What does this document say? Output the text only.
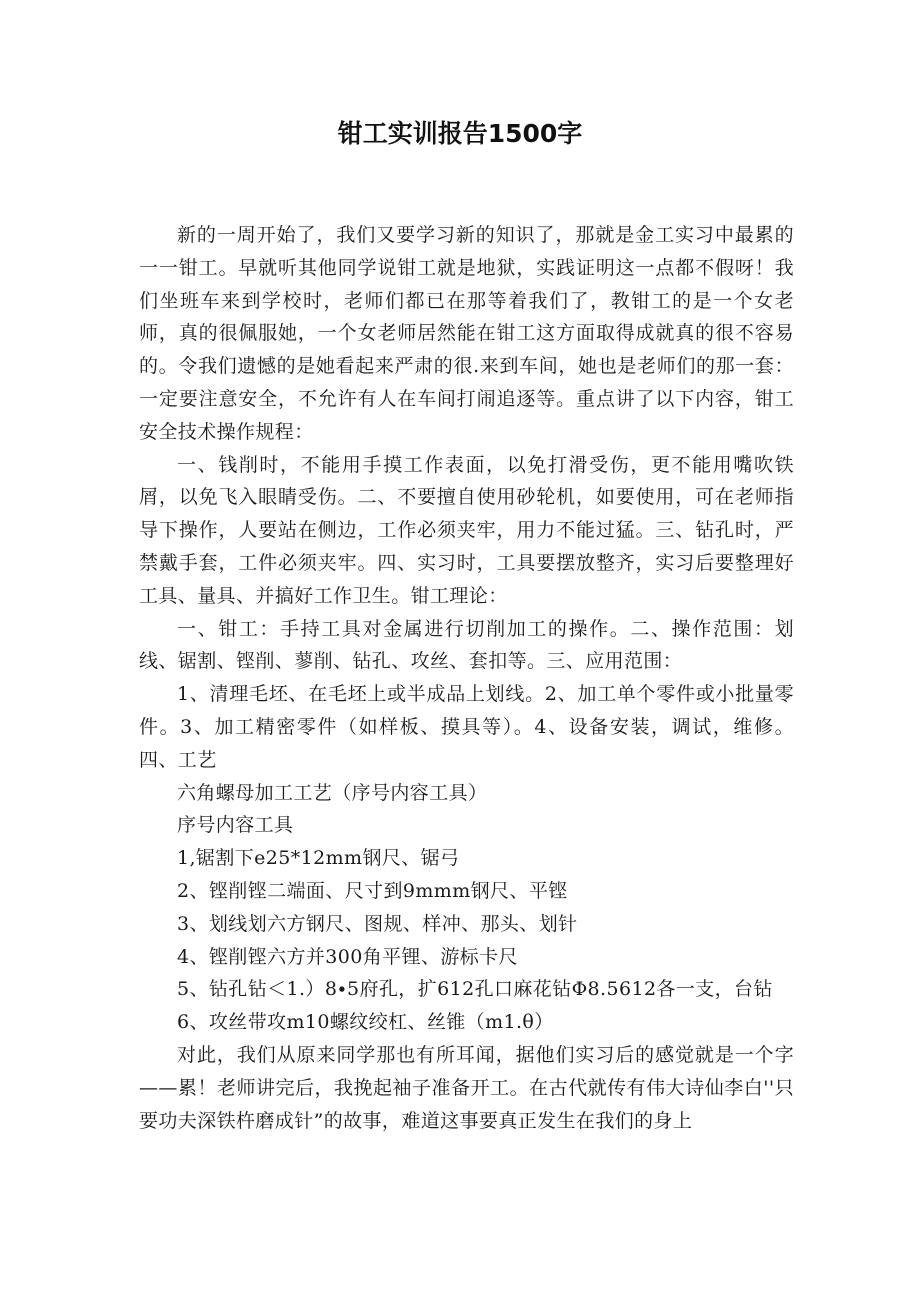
钳工实训报告1500字

新的一周开始了，我们又要学习新的知识了，那就是金工实习中最累的一一钳工。早就听其他同学说钳工就是地狱，实践证明这一点都不假呀！我们坐班车来到学校时，老师们都已在那等着我们了，教钳工的是一个女老师，真的很佩服她，一个女老师居然能在钳工这方面取得成就真的很不容易的。令我们遗憾的是她看起来严肃的很.来到车间，她也是老师们的那一套：一定要注意安全，不允许有人在车间打闹追逐等。重点讲了以下内容，钳工安全技术操作规程：

一、钱削时，不能用手摸工作表面，以免打滑受伤，更不能用嘴吹铁屑，以免飞入眼睛受伤。二、不要擅自使用砂轮机，如要使用，可在老师指导下操作，人要站在侧边，工作必须夹牢，用力不能过猛。三、钻孔时，严禁戴手套，工件必须夹牢。四、实习时，工具要摆放整齐，实习后要整理好工具、量具、并搞好工作卫生。钳工理论：

一、钳工：手持工具对金属进行切削加工的操作。二、操作范围：划线、锯割、铿削、蓼削、钻孔、攻丝、套扣等。三、应用范围：

1、清理毛坯、在毛坯上或半成品上划线。2、加工单个零件或小批量零件。3、加工精密零件（如样板、摸具等）。4、设备安装，调试，维修。四、工艺

六角螺母加工工艺（序号内容工具）

序号内容工具

1,锯割下e25*12mm钢尺、锯弓

2、铿削铿二端面、尺寸到9mmm钢尺、平铿

3、划线划六方钢尺、图规、样冲、那头、划针

4、铿削铿六方并300角平锂、游标卡尺

5、钻孔钻＜1.）8∙5府孔，扩612孔口麻花钻Φ8.5612各一支，台钻

6、攻丝带攻m10螺纹绞杠、丝锥（m1.θ）

对此，我们从原来同学那也有所耳闻，据他们实习后的感觉就是一个字——累！老师讲完后，我挽起袖子准备开工。在古代就传有伟大诗仙李白''只要功夫深铁杵磨成针”的故事，难道这事要真正发生在我们的身上
